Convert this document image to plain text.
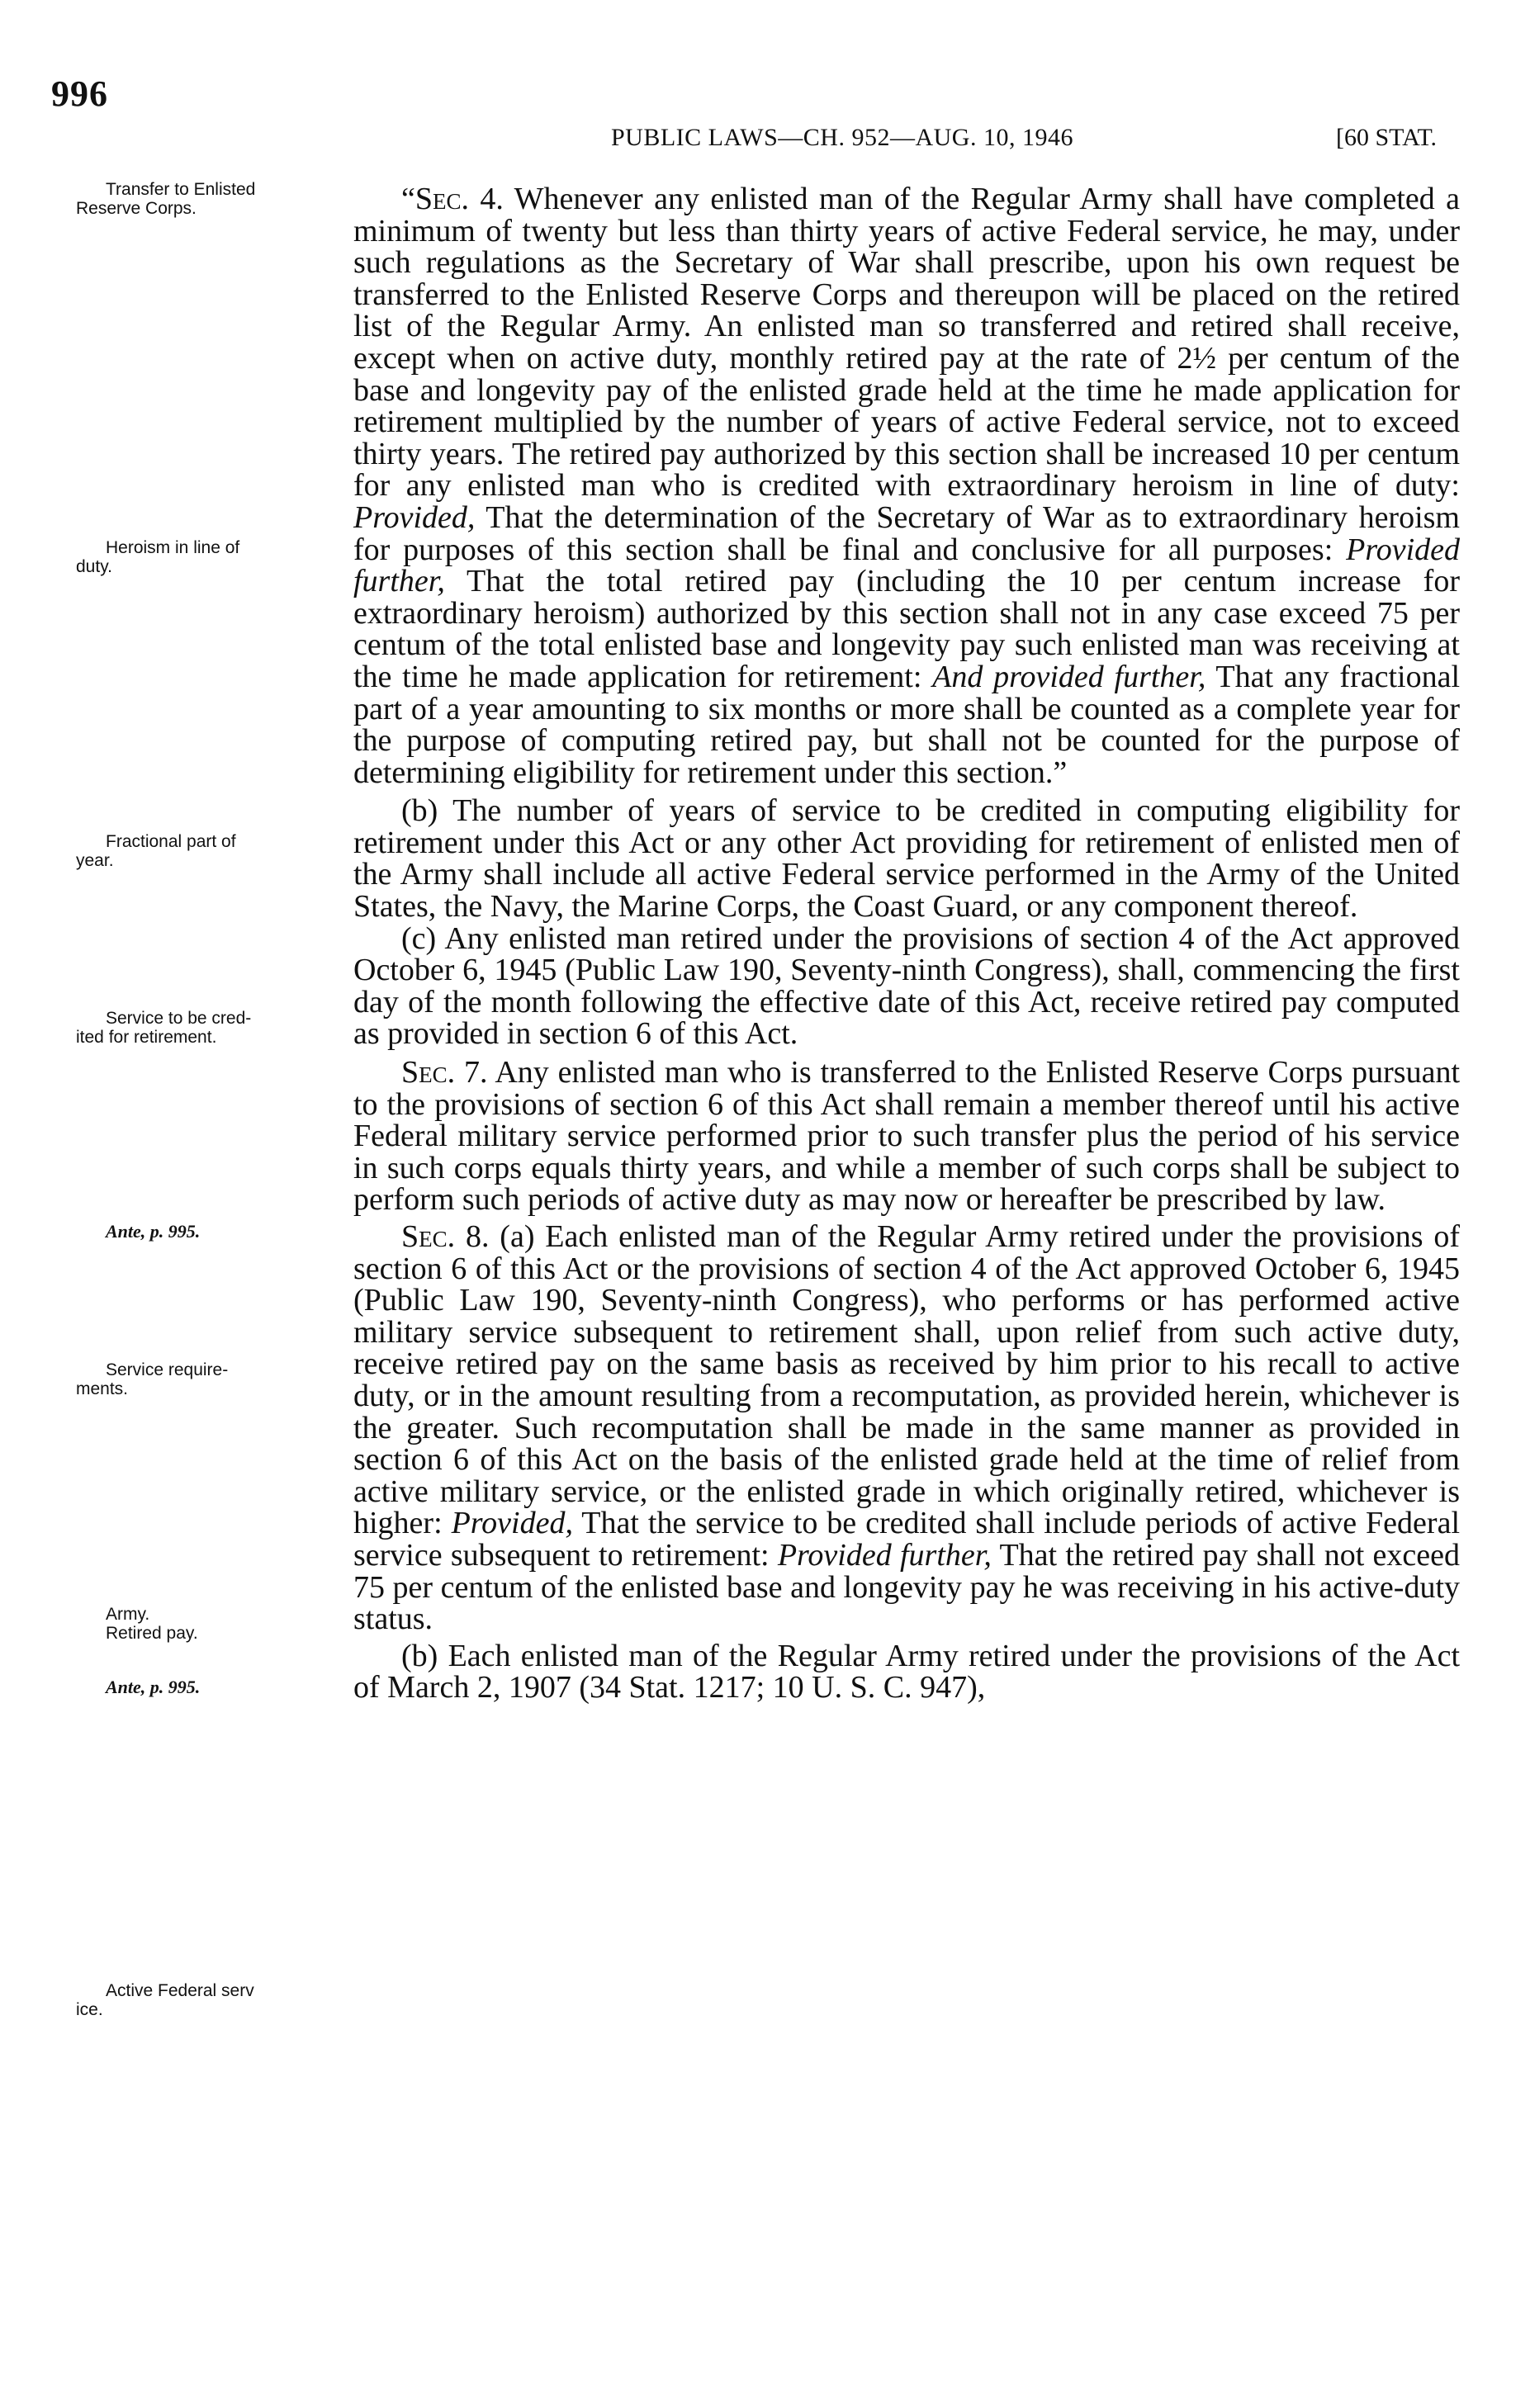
996
PUBLIC LAWS—CH. 952—AUG. 10, 1946	[60 STAT.
Transfer to Enlisted
Reserve Corps.
Heroism in line of
duty.
Fractional part of
year.
Service to be cred-
ited for retirement.
Ante, p. 995.
Service require-
ments.
Army.
Retired pay.
Ante, p. 995.
Active Federal serv
ice.

“Sec. 4. Whenever any enlisted man of the Regular Army shall have completed a minimum of twenty but less than thirty years of active Federal service, he may, under such regulations as the Secretary of War shall prescribe, upon his own request be transferred to the Enlisted Reserve Corps and thereupon will be placed on the retired list of the Regular Army. An enlisted man so transferred and retired shall receive, except when on active duty, monthly retired pay at the rate of 2½ per centum of the base and longevity pay of the enlisted grade held at the time he made application for retirement multiplied by the number of years of active Federal service, not to exceed thirty years. The retired pay authorized by this section shall be increased 10 per centum for any enlisted man who is credited with extraordinary heroism in line of duty: Provided, That the determination of the Secretary of War as to extraordinary heroism for purposes of this section shall be final and conclusive for all purposes: Provided further, That the total retired pay (including the 10 per centum increase for extraordinary heroism) authorized by this section shall not in any case exceed 75 per centum of the total enlisted base and longevity pay such enlisted man was receiving at the time he made application for retirement: And provided further, That any fractional part of a year amounting to six months or more shall be counted as a complete year for the purpose of computing retired pay, but shall not be counted for the purpose of determining eligibility for retirement under this section.”

(b) The number of years of service to be credited in computing eligibility for retirement under this Act or any other Act providing for retirement of enlisted men of the Army shall include all active Federal service performed in the Army of the United States, the Navy, the Marine Corps, the Coast Guard, or any component thereof.

(c) Any enlisted man retired under the provisions of section 4 of the Act approved October 6, 1945 (Public Law 190, Seventy-ninth Congress), shall, commencing the first day of the month following the effective date of this Act, receive retired pay computed as provided in section 6 of this Act.

Sec. 7. Any enlisted man who is transferred to the Enlisted Reserve Corps pursuant to the provisions of section 6 of this Act shall remain a member thereof until his active Federal military service performed prior to such transfer plus the period of his service in such corps equals thirty years, and while a member of such corps shall be subject to perform such periods of active duty as may now or hereafter be prescribed by law.

Sec. 8. (a) Each enlisted man of the Regular Army retired under the provisions of section 6 of this Act or the provisions of section 4 of the Act approved October 6, 1945 (Public Law 190, Seventy-ninth Congress), who performs or has performed active military service subsequent to retirement shall, upon relief from such active duty, receive retired pay on the same basis as received by him prior to his recall to active duty, or in the amount resulting from a recomputation, as provided herein, whichever is the greater. Such recomputation shall be made in the same manner as provided in section 6 of this Act on the basis of the enlisted grade held at the time of relief from active military service, or the enlisted grade in which originally retired, whichever is higher: Provided, That the service to be credited shall include periods of active Federal service subsequent to retirement: Provided further, That the retired pay shall not exceed 75 per centum of the enlisted base and longevity pay he was receiving in his active-duty status.

(b) Each enlisted man of the Regular Army retired under the provisions of the Act of March 2, 1907 (34 Stat. 1217; 10 U. S. C. 947),
